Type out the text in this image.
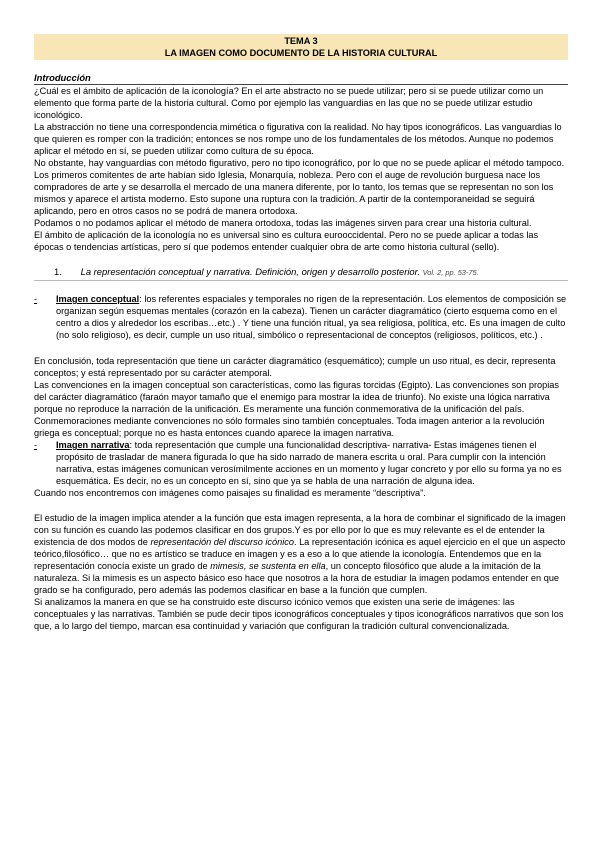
TEMA 3
LA IMAGEN COMO DOCUMENTO DE LA HISTORIA CULTURAL
Introducción

¿Cuál es el ámbito de aplicación de la iconología? En el arte abstracto no se puede utilizar; pero si se puede utilizar como un elemento que forma parte de la historia cultural. Como por ejemplo las vanguardias en las que no se puede utilizar estudio iconológico.

La abstracción no tiene una correspondencia mimética o figurativa con la realidad. No hay tipos iconográficos. Las vanguardias lo que quieren es romper con la tradición; entonces se nos rompe uno de los fundamentales de los métodos. Aunque no podemos aplicar el método en sí, se pueden utilizar como cultura de su época.

No obstante, hay vanguardias con método figurativo, pero no tipo iconográfico, por lo que no se puede aplicar el método tampoco.

Los primeros comitentes de arte habían sido Iglesia, Monarquía, nobleza. Pero con el auge de revolución burguesa nace los compradores de arte y se desarrolla el mercado de una manera diferente, por lo tanto, los temas que se representan no son los mismos y aparece el artista moderno. Esto supone una ruptura con la tradición. A partir de la contemporaneidad se seguirá aplicando, pero en otros casos no se podrá de manera ortodoxa.

Podamos o no podamos aplicar el método de manera ortodoxa, todas las imágenes sirven para crear una historia cultural.

El ámbito de aplicación de la iconología no es universal sino es cultura eurooccidental. Pero no se puede aplicar a todas las épocas o tendencias artísticas, pero sí que podemos entender cualquier obra de arte como historia cultural (sello).

1. La representación conceptual y narrativa. Definición, origen y desarrollo posterior. Vol. 2, pp. 53-75.
- Imagen conceptual: los referentes espaciales y temporales no rigen de la representación. Los elementos de composición se organizan según esquemas mentales (corazón en la cabeza). Tienen un carácter diagramático (cierto esquema como en el centro a dios y alrededor los escribas…etc.) . Y tiene una función ritual, ya sea religiosa, política, etc. Es una imagen de culto (no solo religioso), es decir, cumple un uso ritual, simbólico o representacional de conceptos (religiosos, políticos, etc.) .

En conclusión, toda representación que tiene un carácter diagramático (esquemático); cumple un uso ritual, es decir, representa conceptos; y está representado por su carácter atemporal.

Las convenciones en la imagen conceptual son características, como las figuras torcidas (Egipto). Las convenciones son propias del carácter diagramático (faraón mayor tamaño que el enemigo para mostrar la idea de triunfo). No existe una lógica narrativa porque no reproduce la narración de la unificación. Es meramente una función conmemorativa de la unificación del país. Conmemoraciones mediante convenciones no sólo formales sino también conceptuales. Toda imagen anterior a la revolución griega es conceptual; porque no es hasta entonces cuando aparece la imagen narrativa.

- Imagen narrativa: toda representación que cumple una funcionalidad descriptiva- narrativa- Estas imágenes tienen el propósito de trasladar de manera figurada lo que ha sido narrado de manera escrita u oral. Para cumplir con la intención narrativa, estas imágenes comunican verosímilmente acciones en un momento y lugar concreto y por ello su forma ya no es esquemática. Es decir, no es un concepto en sí, sino que ya se habla de una narración de alguna idea.

Cuando nos encontremos con imágenes como paisajes su finalidad es meramente “descriptiva”.

El estudio de la imagen implica atender a la función que esta imagen representa, a la hora de combinar el significado de la imagen con su función es cuando las podemos clasificar en dos grupos.Y es por ello por lo que es muy relevante es el de entender la existencia de dos modos de representación del discurso icónico. La representación icónica es aquel ejercicio en el que un aspecto teórico,filosófico… que no es artístico se traduce en imagen y es a eso a lo que atiende la iconología. Entendemos que en la representación conocía existe un grado de mimesis, se sustenta en ella, un concepto filosófico que alude a la imitación de la naturaleza. Si la mimesis es un aspecto básico eso hace que nosotros a la hora de estudiar la imagen podamos entender en que grado se ha configurado, pero además las podemos clasificar en base a la función que cumplen.

Si analizamos la manera en que se ha construido este discurso icónico vemos que existen una serie de imágenes: las conceptuales y las narrativas. También se pude decir tipos iconográficos conceptuales y tipos iconográficos narrativos que son los que, a lo largo del tiempo, marcan esa continuidad y variación que configuran la tradición cultural convencionalizada.
